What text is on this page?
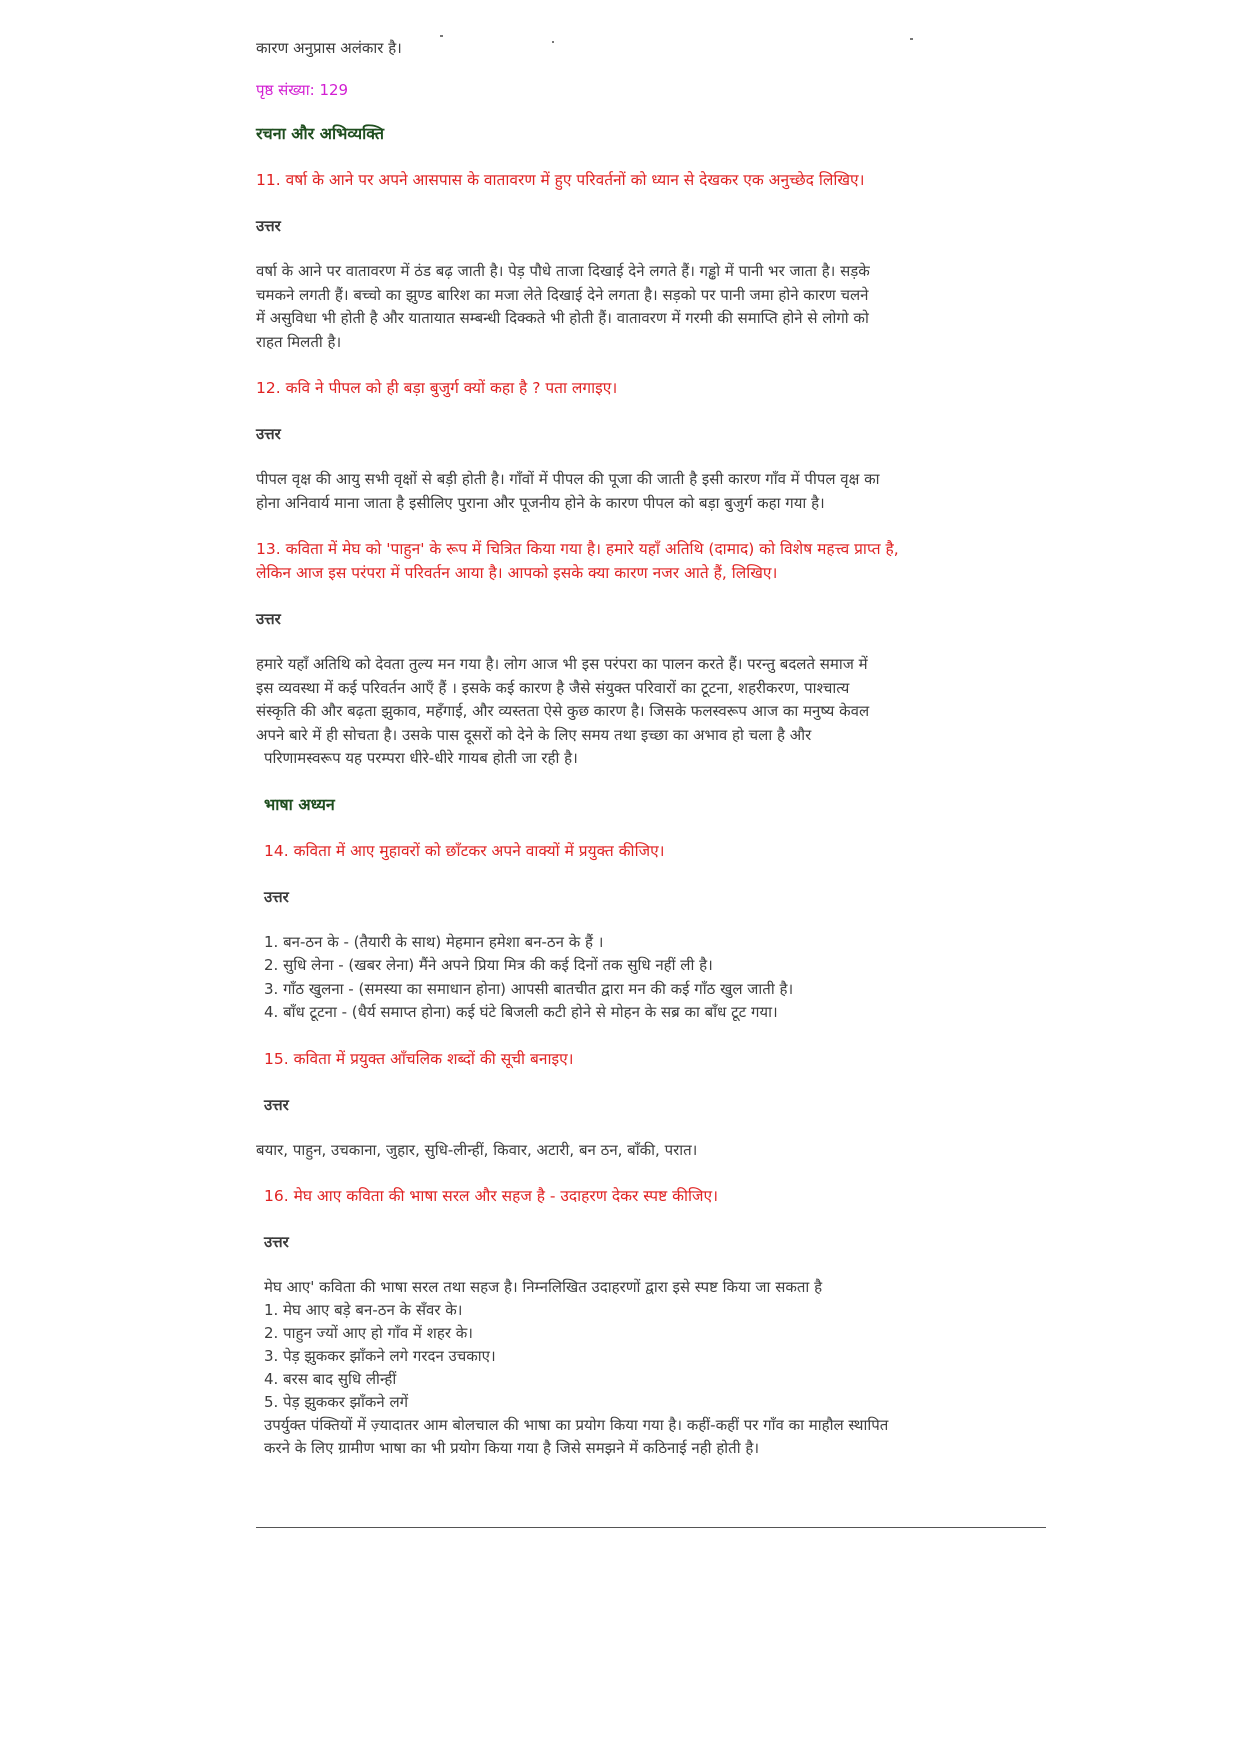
कारण अनुप्रास अलंकार है।

पृष्ठ संख्या: 129

रचना और अभिव्यक्ति

11. वर्षा के आने पर अपने आसपास के वातावरण में हुए परिवर्तनों को ध्यान से देखकर एक अनुच्छेद लिखिए।

उत्तर

वर्षा के आने पर वातावरण में ठंड बढ़ जाती है। पेड़ पौधे ताजा दिखाई देने लगते हैं। गड्ढो में पानी भर जाता है। सड़के
चमकने लगती हैं। बच्चो का झुण्ड बारिश का मजा लेते दिखाई देने लगता है। सड़को पर पानी जमा होने कारण चलने
में असुविधा भी होती है और यातायात सम्बन्धी दिक्कते भी होती हैं। वातावरण में गरमी की समाप्ति होने से लोगो को
राहत मिलती है।

12. कवि ने पीपल को ही बड़ा बुजुर्ग क्यों कहा है ? पता लगाइए।

उत्तर

पीपल वृक्ष की आयु सभी वृक्षों से बड़ी होती है। गाँवों में पीपल की पूजा की जाती है इसी कारण गाँव में पीपल वृक्ष का
होना अनिवार्य माना जाता है इसीलिए पुराना और पूजनीय होने के कारण पीपल को बड़ा बुजुर्ग कहा गया है।

13. कविता में मेघ को 'पाहुन' के रूप में चित्रित किया गया है। हमारे यहाँ अतिथि (दामाद) को विशेष महत्त्व प्राप्त है,
लेकिन आज इस परंपरा में परिवर्तन आया है। आपको इसके क्या कारण नजर आते हैं, लिखिए।

उत्तर

हमारे यहाँ अतिथि को देवता तुल्य मन गया है। लोग आज भी इस परंपरा का पालन करते हैं। परन्तु बदलते समाज में
इस व्यवस्था में कई परिवर्तन आएँ हैं । इसके कई कारण है जैसे संयुक्त परिवारों का टूटना, शहरीकरण, पाश्चात्य
संस्कृति की और बढ़ता झुकाव, महँगाई, और व्यस्तता ऐसे कुछ कारण है। जिसके फलस्वरूप आज का मनुष्य केवल
अपने बारे में ही सोचता है। उसके पास दूसरों को देने के लिए समय तथा इच्छा का अभाव हो चला है और
परिणामस्वरूप यह परम्परा धीरे-धीरे गायब होती जा रही है।

भाषा अध्यन

14. कविता में आए मुहावरों को छाँटकर अपने वाक्यों में प्रयुक्त कीजिए।

उत्तर

1. बन-ठन के - (तैयारी के साथ) मेहमान हमेशा बन-ठन के हैं ।
2. सुधि लेना - (खबर लेना) मैंने अपने प्रिया मित्र की कई दिनों तक सुधि नहीं ली है।
3. गाँठ खुलना - (समस्या का समाधान होना) आपसी बातचीत द्वारा मन की कई गाँठ खुल जाती है।
4. बाँध टूटना - (धैर्य समाप्त होना) कई घंटे बिजली कटी होने से मोहन के सब्र का बाँध टूट गया।

15. कविता में प्रयुक्त आँचलिक शब्दों की सूची बनाइए।

उत्तर

बयार, पाहुन, उचकाना, जुहार, सुधि-लीन्हीं, किवार, अटारी, बन ठन, बाँकी, परात।

16. मेघ आए कविता की भाषा सरल और सहज है - उदाहरण देकर स्पष्ट कीजिए।

उत्तर

मेघ आए' कविता की भाषा सरल तथा सहज है। निम्नलिखित उदाहरणों द्वारा इसे स्पष्ट किया जा सकता है
1. मेघ आए बड़े बन-ठन के सँवर के।
2. पाहुन ज्यों आए हो गाँव में शहर के।
3. पेड़ झुककर झाँकने लगे गरदन उचकाए।
4. बरस बाद सुधि लीन्हीं
5. पेड़ झुककर झाँकने लगें
उपर्युक्त पंक्तियों में ज़्यादातर आम बोलचाल की भाषा का प्रयोग किया गया है। कहीं-कहीं पर गाँव का माहौल स्थापित
करने के लिए ग्रामीण भाषा का भी प्रयोग किया गया है जिसे समझने में कठिनाई नही होती है।
